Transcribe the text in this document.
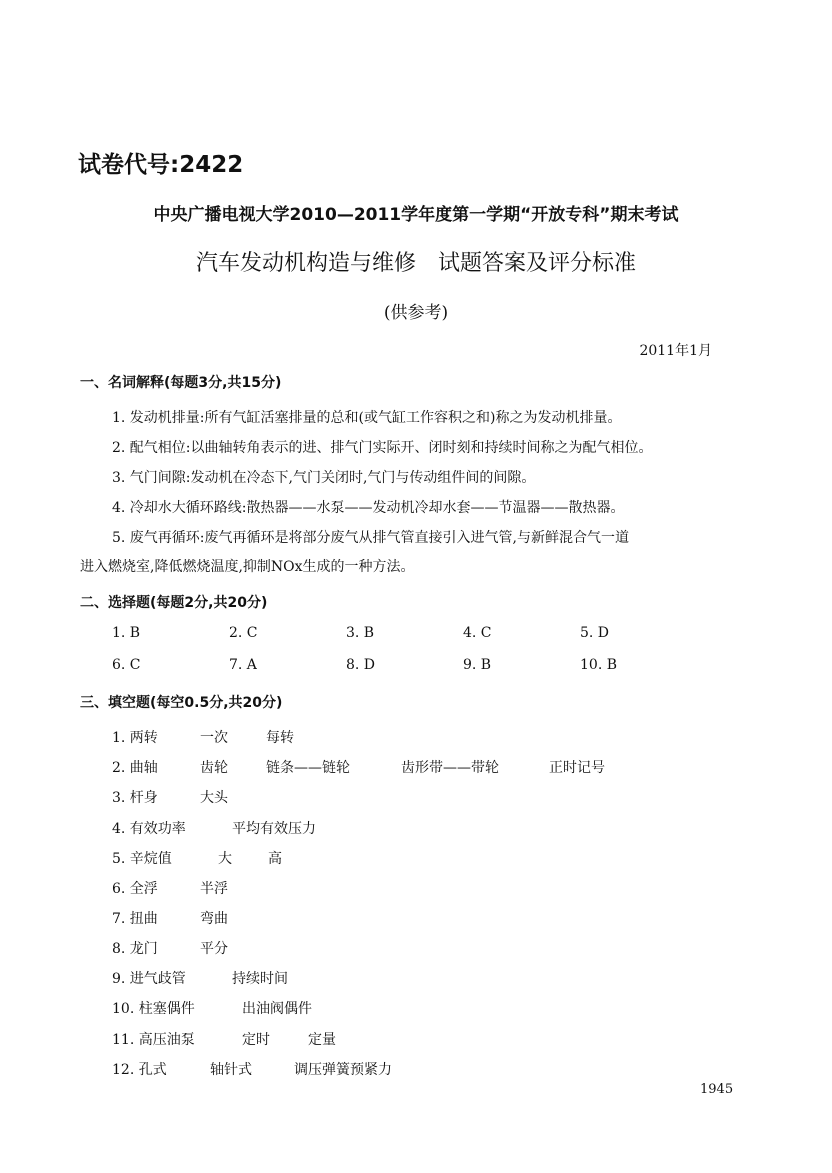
试卷代号:2422
中央广播电视大学2010—2011学年度第一学期“开放专科”期末考试
汽车发动机构造与维修　试题答案及评分标准
(供参考)
2011年1月
一、名词解释(每题3分,共15分)
1. 发动机排量:所有气缸活塞排量的总和(或气缸工作容积之和)称之为发动机排量。
2. 配气相位:以曲轴转角表示的进、排气门实际开、闭时刻和持续时间称之为配气相位。
3. 气门间隙:发动机在冷态下,气门关闭时,气门与传动组件间的间隙。
4. 冷却水大循环路线:散热器——水泵——发动机冷却水套——节温器——散热器。
5. 废气再循环:废气再循环是将部分废气从排气管直接引入进气管,与新鲜混合气一道
进入燃烧室,降低燃烧温度,抑制NOx生成的一种方法。
二、选择题(每题2分,共20分)
1. B	2. C	3. B	4. C	5. D
6. C	7. A	8. D	9. B	10. B
三、填空题(每空0.5分,共20分)
1. 两转	一次	每转
2. 曲轴	齿轮	链条——链轮	齿形带——带轮	正时记号
3. 杆身	大头
4. 有效功率	平均有效压力
5. 辛烷值	大	高
6. 全浮	半浮
7. 扭曲	弯曲
8. 龙门	平分
9. 进气歧管	持续时间
10. 柱塞偶件	出油阀偶件
11. 高压油泵	定时	定量
12. 孔式	轴针式	调压弹簧预紧力
1945
